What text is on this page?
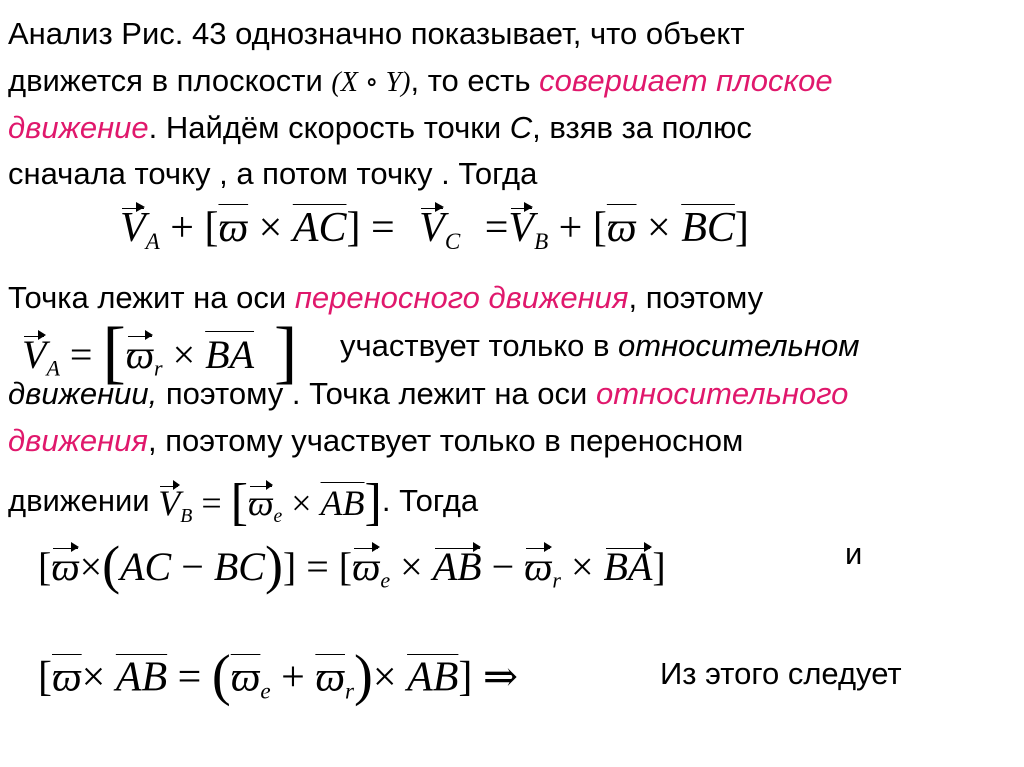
Анализ Рис. 43 однозначно показывает, что объект
движется в плоскости (X ∘ Y), то есть совершает плоское
движение. Найдём скорость точки C, взяв за полюс
сначала точку , а потом точку . Тогда
$V_A + [\overline{ϖ} \times \overline{AC}] = V_C =V_B + [\overline{ϖ} \times \overline{BC}]$
Точка лежит на оси переносного движения, поэтому
$V_A = [ϖ_r \times \overline{BA}$ ] участвует только в относительном
движении, поэтому . Точка лежит на оси относительного
движения, поэтому участвует только в переносном
движении $V_B = [ϖ_e \times \overline{AB}]$. Тогда
$[ϖ\times(AC - BC)] = [ϖ_e$ × AB − $ϖ_r \times BA$]	и
$[\overline{ϖ}\times \overline{AB} = (\overline{ϖ}_e + \overline{ϖ}_r)\times \overline{AB}]$ ⇒	Из этого следует
